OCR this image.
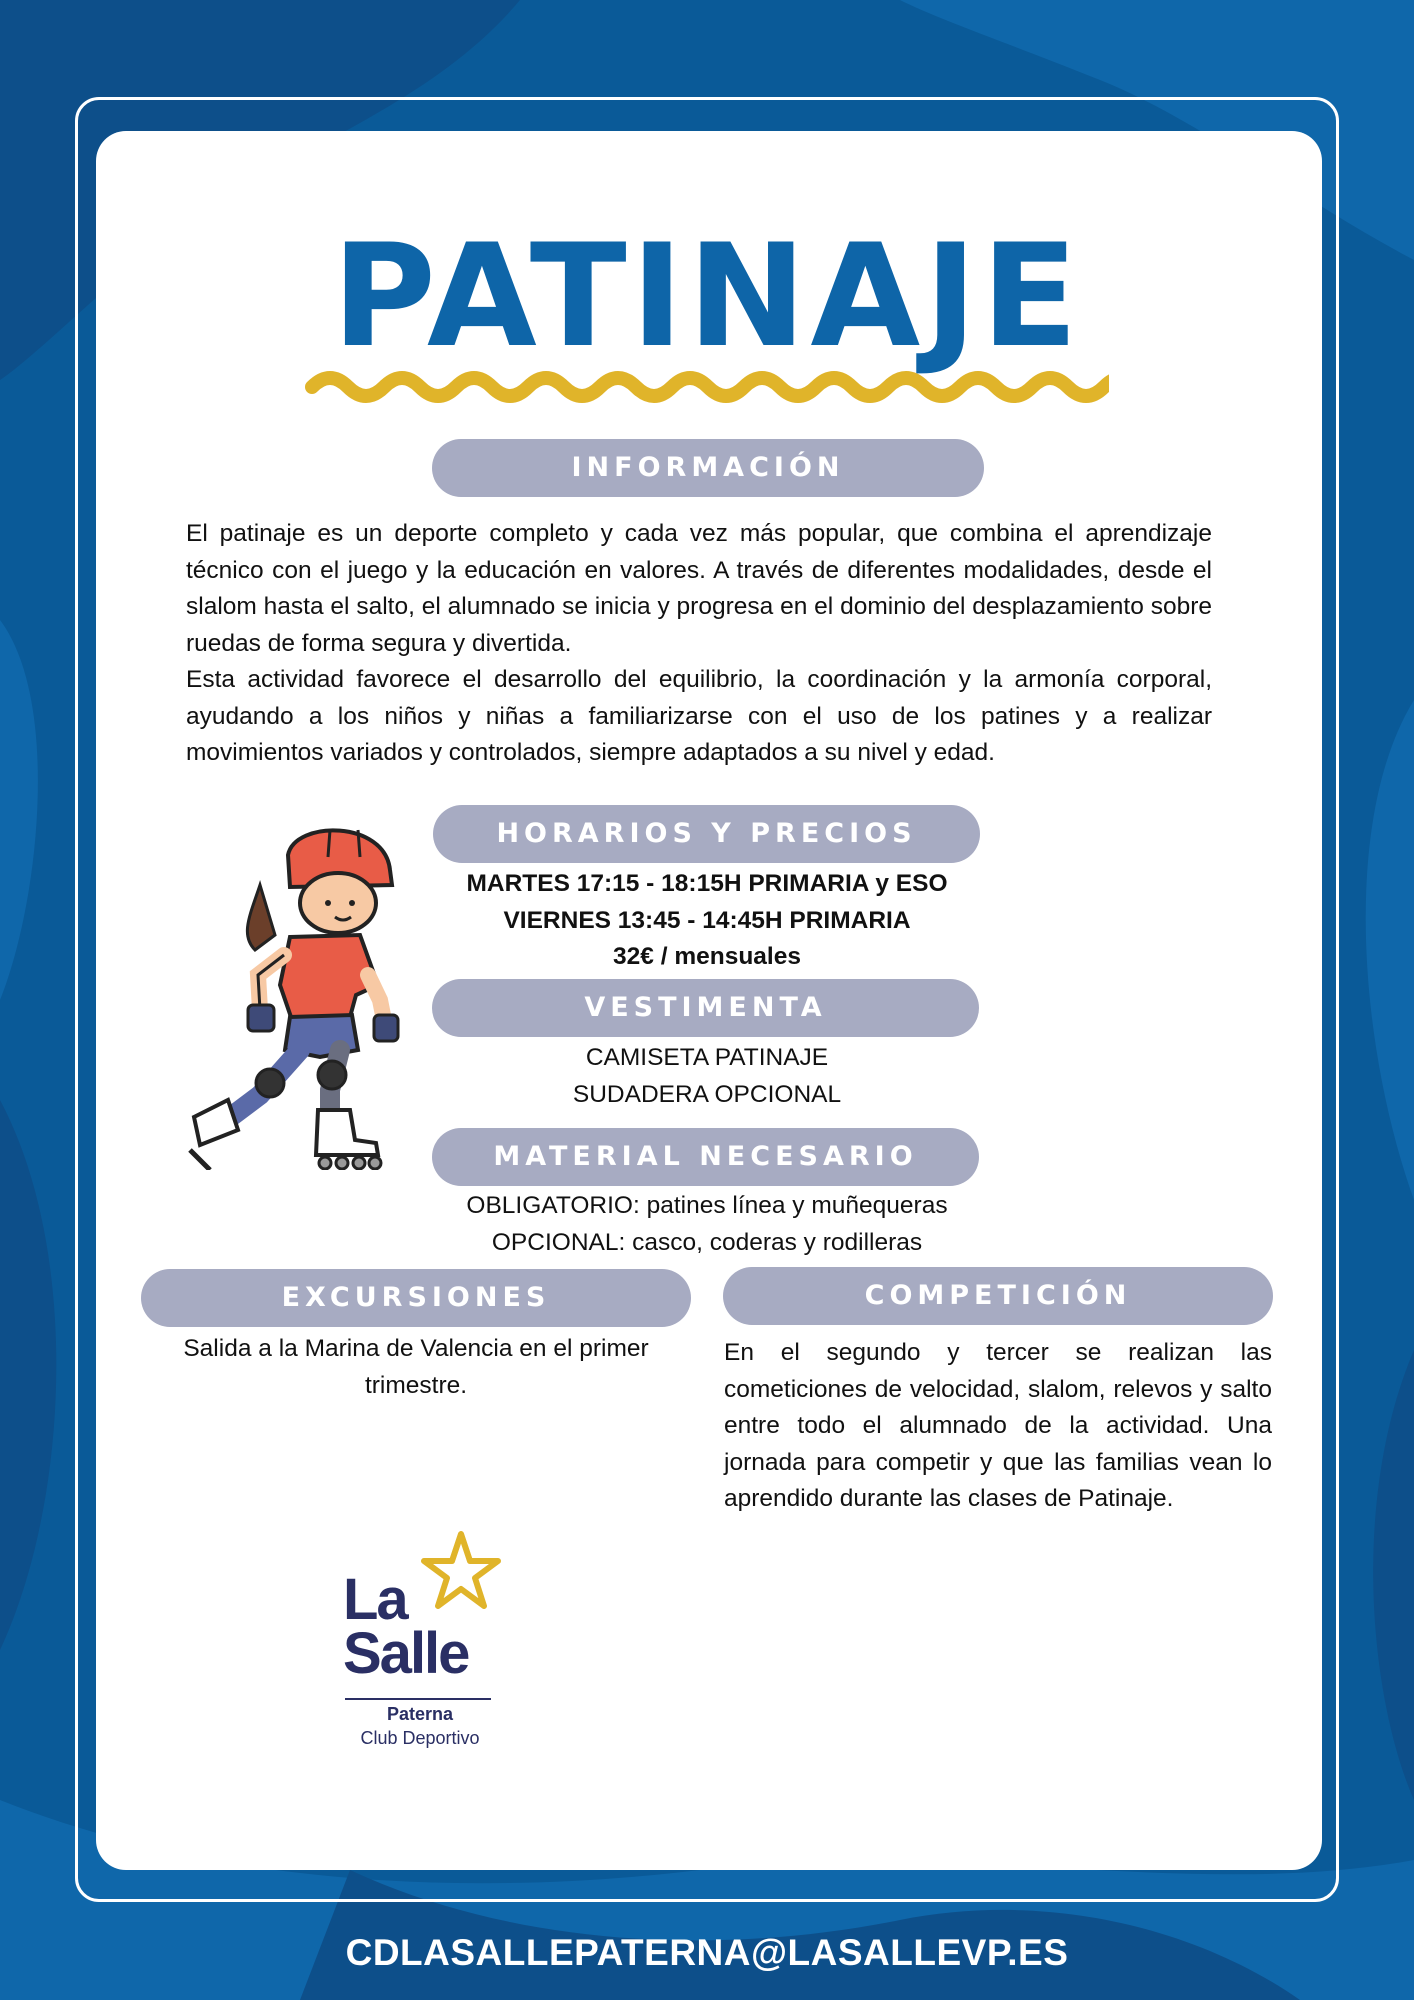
PATINAJE
INFORMACIÓN

El patinaje es un deporte completo y cada vez más popular, que combina el aprendizaje técnico con el juego y la educación en valores. A través de diferentes modalidades, desde el slalom hasta el salto, el alumnado se inicia y progresa en el dominio del desplazamiento sobre ruedas de forma segura y divertida.

Esta actividad favorece el desarrollo del equilibrio, la coordinación y la armonía corporal, ayudando a los niños y niñas a familiarizarse con el uso de los patines y a realizar movimientos variados y controlados, siempre adaptados a su nivel y edad.

HORARIOS Y PRECIOS

MARTES 17:15 - 18:15H PRIMARIA y ESO

VIERNES 13:45 - 14:45H PRIMARIA

32€ / mensuales

VESTIMENTA

CAMISETA PATINAJE

SUDADERA OPCIONAL

MATERIAL NECESARIO

OBLIGATORIO: patines línea y muñequeras

OPCIONAL: casco, coderas y rodilleras

EXCURSIONES
Salida a la Marina de Valencia en el primer trimestre.
COMPETICIÓN
En el segundo y tercer se realizan las cometiciones de velocidad, slalom, relevos y salto entre todo el alumnado de la actividad. Una jornada para competir y que las familias vean lo aprendido durante las clases de Patinaje.
La
Salle
Paterna
Club Deportivo
CDLASALLEPATERNA@LASALLEVP.ES
